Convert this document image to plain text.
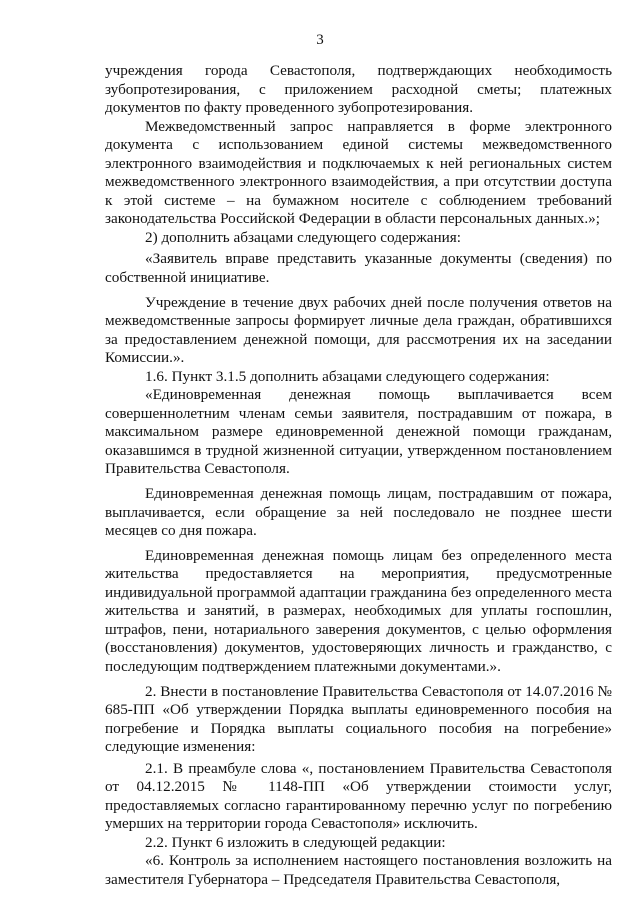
3

учреждения города Севастополя, подтверждающих необходимость зубопротезирования, с приложением расходной сметы; платежных документов по факту проведенного зубопротезирования.

Межведомственный запрос направляется в форме электронного документа с использованием единой системы межведомственного электронного взаимодействия и подключаемых к ней региональных систем межведомственного электронного взаимодействия, а при отсутствии доступа к этой системе – на бумажном носителе с соблюдением требований законодательства Российской Федерации в области персональных данных.»;

2) дополнить абзацами следующего содержания:

«Заявитель вправе представить указанные документы (сведения) по собственной инициативе.

Учреждение в течение двух рабочих дней после получения ответов на межведомственные запросы формирует личные дела граждан, обратившихся за предоставлением денежной помощи, для рассмотрения их на заседании Комиссии.».

1.6. Пункт 3.1.5 дополнить абзацами следующего содержания:

«Единовременная денежная помощь выплачивается всем совершеннолетним членам семьи заявителя, пострадавшим от пожара, в максимальном размере единовременной денежной помощи гражданам, оказавшимся в трудной жизненной ситуации, утвержденном постановлением Правительства Севастополя.

Единовременная денежная помощь лицам, пострадавшим от пожара, выплачивается, если обращение за ней последовало не позднее шести месяцев со дня пожара.

Единовременная денежная помощь лицам без определенного места жительства предоставляется на мероприятия, предусмотренные индивидуальной программой адаптации гражданина без определенного места жительства и занятий, в размерах, необходимых для уплаты госпошлин, штрафов, пени, нотариального заверения документов, с целью оформления (восстановления) документов, удостоверяющих личность и гражданство, с последующим подтверждением платежными документами.».

2. Внести в постановление Правительства Севастополя от 14.07.2016 № 685-ПП «Об утверждении Порядка выплаты единовременного пособия на погребение и Порядка выплаты социального пособия на погребение» следующие изменения:

2.1. В преамбуле слова «, постановлением Правительства Севастополя от 04.12.2015 № 1148-ПП «Об утверждении стоимости услуг, предоставляемых согласно гарантированному перечню услуг по погребению умерших на территории города Севастополя» исключить.

2.2. Пункт 6 изложить в следующей редакции:

«6. Контроль за исполнением настоящего постановления возложить на заместителя Губернатора – Председателя Правительства Севастополя,
